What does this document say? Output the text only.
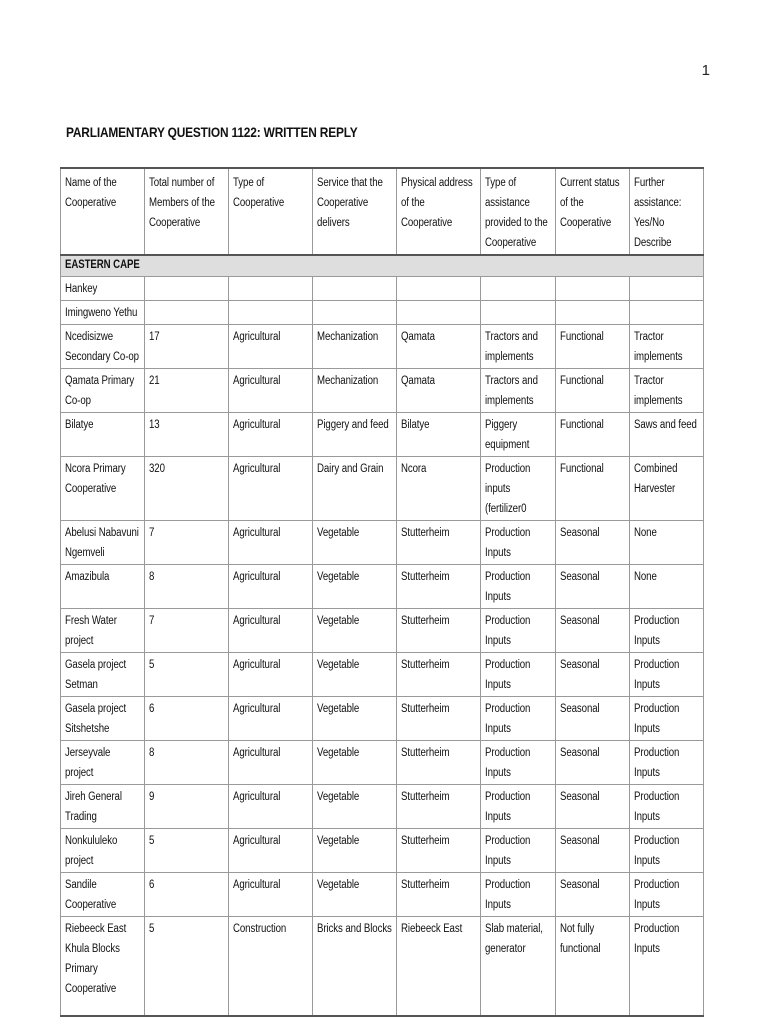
1
PARLIAMENTARY QUESTION 1122: WRITTEN REPLY
Name of the Cooperative	Total number of Members of the Cooperative	Type of Cooperative	Service that the Cooperative delivers	Physical address of the Cooperative	Type of assistance provided to the Cooperative	Current status of the Cooperative	Further assistance: Yes/No Describe

EASTERN CAPE							

Hankey							

Imingweno Yethu							

Ncedisizwe Secondary Co-op	17	Agricultural	Mechanization	Qamata	Tractors and implements	Functional	Tractor implements

Qamata Primary Co-op	21	Agricultural	Mechanization	Qamata	Tractors and implements	Functional	Tractor implements

Bilatye	13	Agricultural	Piggery and feed	Bilatye	Piggery equipment	Functional	Saws and feed

Ncora Primary Cooperative	320	Agricultural	Dairy and Grain	Ncora	Production inputs (fertilizer0	Functional	Combined Harvester

Abelusi Nabavuni Ngemveli	7	Agricultural	Vegetable	Stutterheim	Production Inputs	Seasonal	None

Amazibula	8	Agricultural	Vegetable	Stutterheim	Production Inputs	Seasonal	None

Fresh Water project	7	Agricultural	Vegetable	Stutterheim	Production Inputs	Seasonal	Production Inputs

Gasela project Setman	5	Agricultural	Vegetable	Stutterheim	Production Inputs	Seasonal	Production Inputs

Gasela project Sitshetshe	6	Agricultural	Vegetable	Stutterheim	Production Inputs	Seasonal	Production Inputs

Jerseyvale project	8	Agricultural	Vegetable	Stutterheim	Production Inputs	Seasonal	Production Inputs

Jireh General Trading	9	Agricultural	Vegetable	Stutterheim	Production Inputs	Seasonal	Production Inputs

Nonkululeko project	5	Agricultural	Vegetable	Stutterheim	Production Inputs	Seasonal	Production Inputs

Sandile Cooperative	6	Agricultural	Vegetable	Stutterheim	Production Inputs	Seasonal	Production Inputs

Riebeeck East Khula Blocks Primary Cooperative	5	Construction	Bricks and Blocks	Riebeeck East	Slab material, generator	Not fully functional	Production Inputs
